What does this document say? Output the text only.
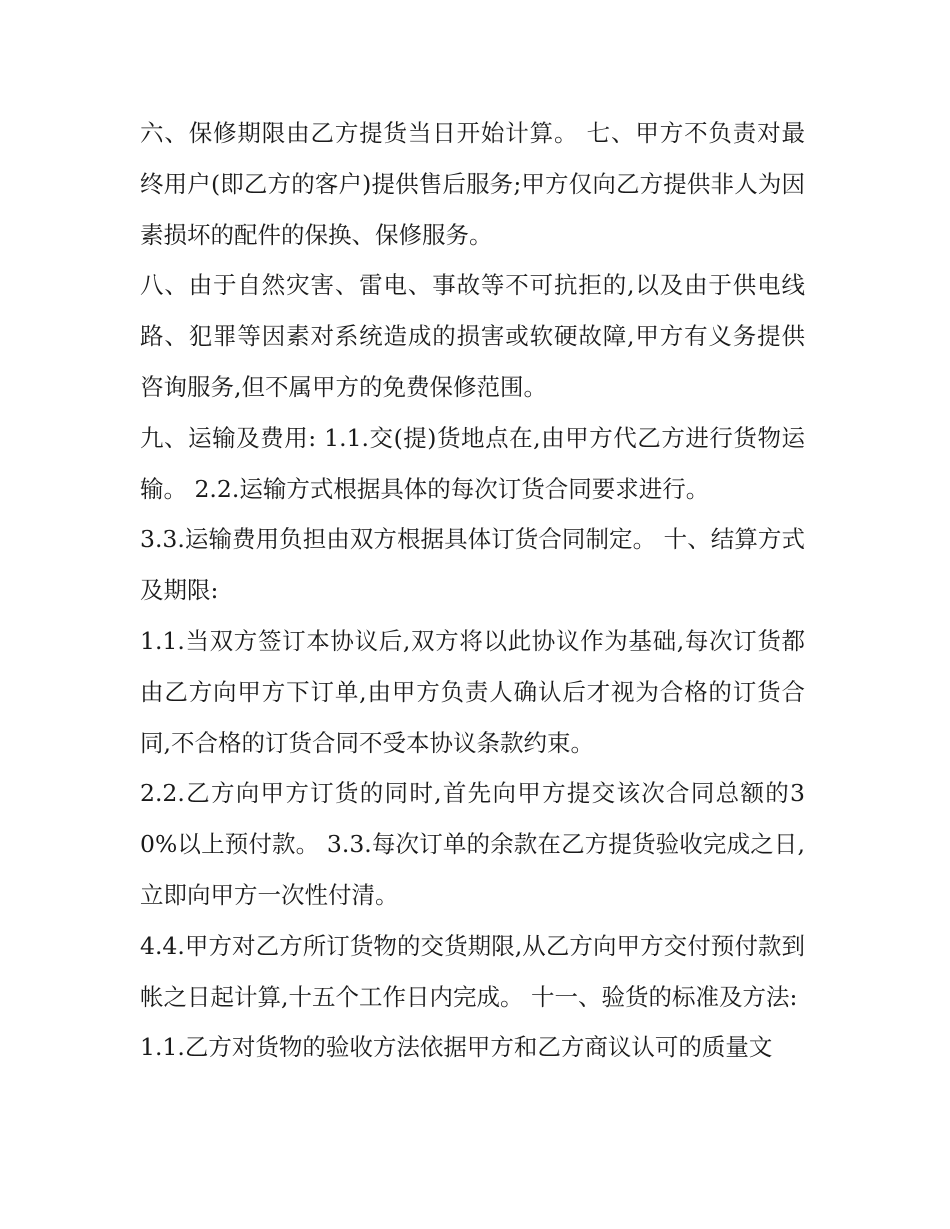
六、保修期限由乙方提货当日开始计算。 七、甲方不负责对最终用户(即乙方的客户)提供售后服务;甲方仅向乙方提供非人为因素损坏的配件的保换、保修服务。

八、由于自然灾害、雷电、事故等不可抗拒的,以及由于供电线路、犯罪等因素对系统造成的损害或软硬故障,甲方有义务提供咨询服务,但不属甲方的免费保修范围。

九、运输及费用: 1.1.交(提)货地点在,由甲方代乙方进行货物运输。 2.2.运输方式根据具体的每次订货合同要求进行。

3.3.运输费用负担由双方根据具体订货合同制定。 十、结算方式及期限:

1.1.当双方签订本协议后,双方将以此协议作为基础,每次订货都由乙方向甲方下订单,由甲方负责人确认后才视为合格的订货合同,不合格的订货合同不受本协议条款约束。

2.2.乙方向甲方订货的同时,首先向甲方提交该次合同总额的30%以上预付款。 3.3.每次订单的余款在乙方提货验收完成之日,立即向甲方一次性付清。

4.4.甲方对乙方所订货物的交货期限,从乙方向甲方交付预付款到帐之日起计算,十五个工作日内完成。 十一、验货的标准及方法:

1.1.乙方对货物的验收方法依据甲方和乙方商议认可的质量文
